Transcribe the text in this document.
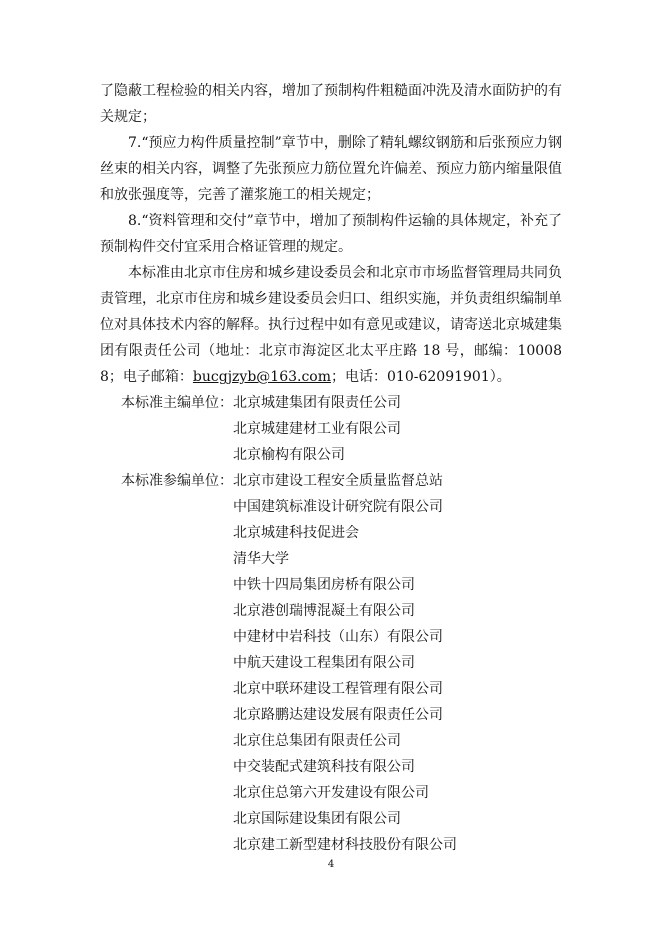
了隐蔽工程检验的相关内容，增加了预制构件粗糙面冲洗及清水面防护的有关规定；

7.“预应力构件质量控制”章节中，删除了精轧螺纹钢筋和后张预应力钢丝束的相关内容，调整了先张预应力筋位置允许偏差、预应力筋内缩量限值和放张强度等，完善了灌浆施工的相关规定；

8.“资料管理和交付”章节中，增加了预制构件运输的具体规定，补充了预制构件交付宜采用合格证管理的规定。

本标准由北京市住房和城乡建设委员会和北京市市场监督管理局共同负责管理，北京市住房和城乡建设委员会归口、组织实施，并负责组织编制单位对具体技术内容的解释。执行过程中如有意见或建议，请寄送北京城建集团有限责任公司（地址：北京市海淀区北太平庄路 18 号，邮编：100088；电子邮箱：bucgjzyb@163.com；电话：010-62091901）。

本标准主编单位： 北京城建集团有限责任公司
北京城建建材工业有限公司
北京榆构有限公司
本标准参编单位： 北京市建设工程安全质量监督总站
中国建筑标准设计研究院有限公司
北京城建科技促进会
清华大学
中铁十四局集团房桥有限公司
北京港创瑞博混凝土有限公司
中建材中岩科技（山东）有限公司
中航天建设工程集团有限公司
北京中联环建设工程管理有限公司
北京路鹏达建设发展有限责任公司
北京住总集团有限责任公司
中交装配式建筑科技有限公司
北京住总第六开发建设有限公司
北京国际建设集团有限公司
北京建工新型建材科技股份有限公司
4
